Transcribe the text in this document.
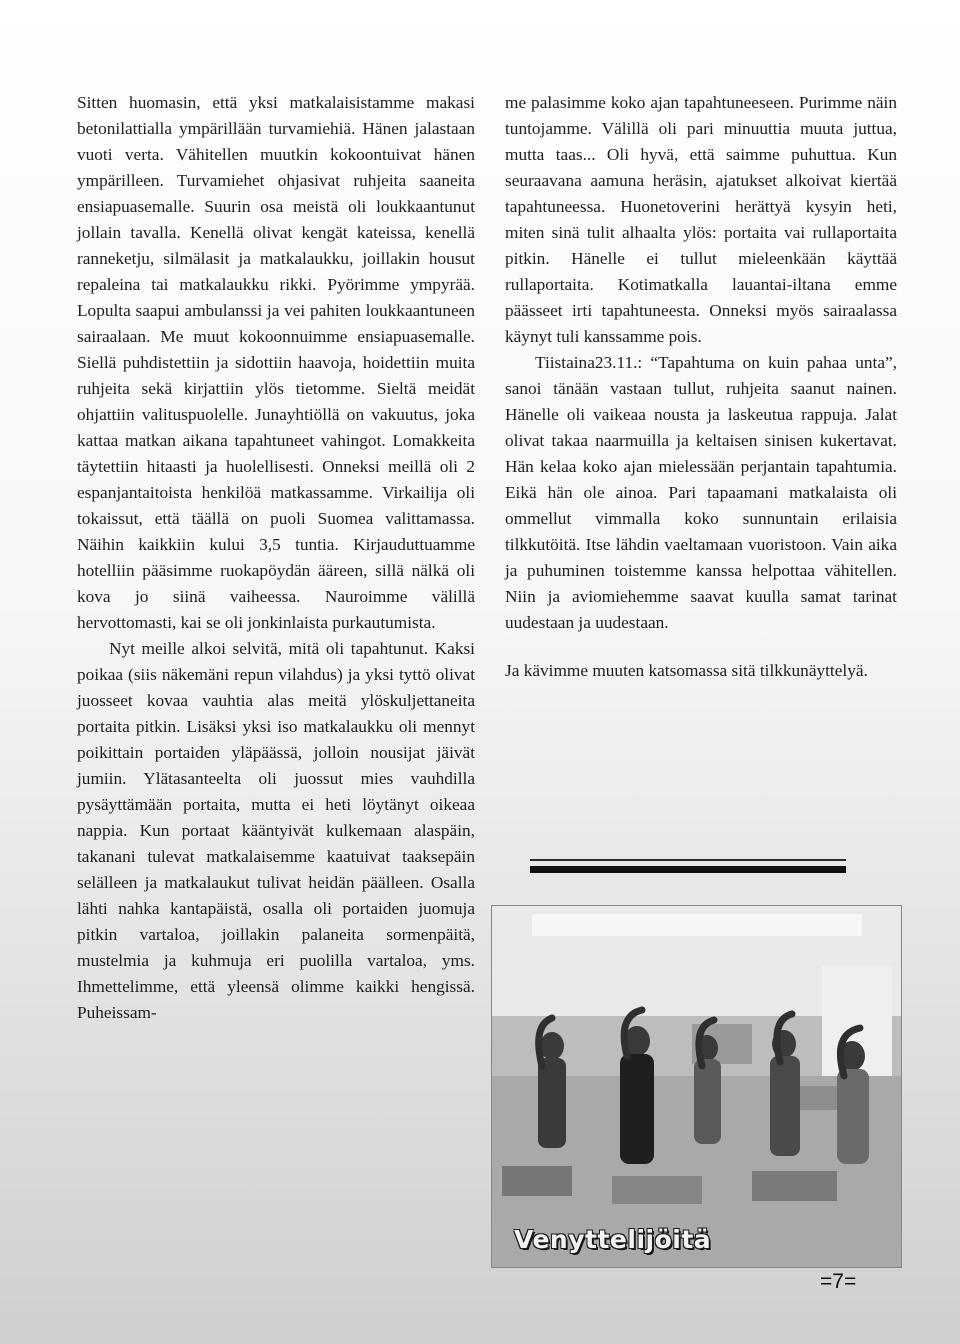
Sitten huomasin, että yksi matkalaisistamme makasi betonilattialla ympärillään turvamiehiä. Hänen jalastaan vuoti verta. Vähitellen muutkin kokoontuivat hänen ympärilleen. Turvamiehet ohjasivat ruhjeita saaneita ensiapuasemalle. Suurin osa meistä oli loukkaantunut jollain tavalla. Kenellä olivat kengät kateissa, kenellä ranneketju, silmälasit ja matkalaukku, joillakin housut repaleina tai matkalaukku rikki. Pyörimme ympyrää. Lopulta saapui ambulanssi ja vei pahiten loukkaantuneen sairaalaan. Me muut kokoonnuimme ensiapuasemalle. Siellä puhdistettiin ja sidottiin haavoja, hoidettiin muita ruhjeita sekä kirjattiin ylös tietomme. Sieltä meidät ohjattiin valituspuolelle. Junayhtiöllä on vakuutus, joka kattaa matkan aikana tapahtuneet vahingot. Lomakkeita täytettiin hitaasti ja huolellisesti. Onneksi meillä oli 2 espanjantaitoista henkilöä matkassamme. Virkailija oli tokaissut, että täällä on puoli Suomea valittamassa. Näihin kaikkiin kului 3,5 tuntia. Kirjauduttuamme hotelliin pääsimme ruokapöydän ääreen, sillä nälkä oli kova jo siinä vaiheessa. Nauroimme välillä hervottomasti, kai se oli jonkinlaista purkautumista.

Nyt meille alkoi selvitä, mitä oli tapahtunut. Kaksi poikaa (siis näkemäni repun vilahdus) ja yksi tyttö olivat juosseet kovaa vauhtia alas meitä ylöskuljettaneita portaita pitkin. Lisäksi yksi iso matkalaukku oli mennyt poikittain portaiden yläpäässä, jolloin nousijat jäivät jumiin. Ylätasanteelta oli juossut mies vauhdilla pysäyttämään portaita, mutta ei heti löytänyt oikeaa nappia. Kun portaat kääntyivät kulkemaan alaspäin, takanani tulevat matkalaisemme kaatuivat taaksepäin selälleen ja matkalaukut tulivat heidän päälleen. Osalla lähti nahka kantapäistä, osalla oli portaiden juomuja pitkin vartaloa, joillakin palaneita sormenpäitä, mustelmia ja kuhmuja eri puolilla vartaloa, yms. Ihmettelimme, että yleensä olimme kaikki hengissä. Puheissam-

me palasimme koko ajan tapahtuneeseen. Purimme näin tuntojamme. Välillä oli pari minuuttia muuta juttua, mutta taas... Oli hyvä, että saimme puhuttua. Kun seuraavana aamuna heräsin, ajatukset alkoivat kiertää tapahtuneessa. Huonetoverini herättyä kysyin heti, miten sinä tulit alhaalta ylös: portaita vai rullaportaita pitkin. Hänelle ei tullut mieleenkään käyttää rullaportaita. Kotimatkalla lauantai-iltana emme päässeet irti tapahtuneesta. Onneksi myös sairaalassa käynyt tuli kanssamme pois.

Tiistaina23.11.: “Tapahtuma on kuin pahaa unta”, sanoi tänään vastaan tullut, ruhjeita saanut nainen. Hänelle oli vaikeaa nousta ja laskeutua rappuja. Jalat olivat takaa naarmuilla ja keltaisen sinisen kukertavat. Hän kelaa koko ajan mielessään perjantain tapahtumia. Eikä hän ole ainoa. Pari tapaamani matkalaista oli ommellut vimmalla koko sunnuntain erilaisia tilkkutöitä. Itse lähdin vaeltamaan vuoristoon. Vain aika ja puhuminen toistemme kanssa helpottaa vähitellen. Niin ja aviomiehemme saavat kuulla samat tarinat uudestaan ja uudestaan.

Ja kävimme muuten katsomassa sitä tilkkunäyttelyä.

Venyttelijöitä
=7=
